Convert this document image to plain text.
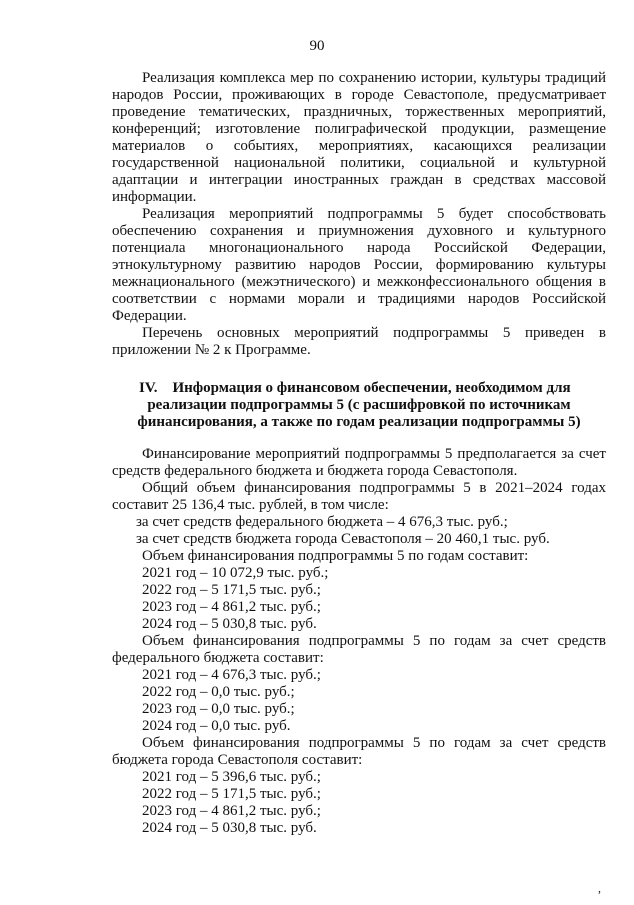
90

Реализация комплекса мер по сохранению истории, культуры традиций народов России, проживающих в городе Севастополе, предусматривает проведение тематических, праздничных, торжественных мероприятий, конференций; изготовление полиграфической продукции, размещение материалов о событиях, мероприятиях, касающихся реализации государственной национальной политики, социальной и культурной адаптации и интеграции иностранных граждан в средствах массовой информации.

Реализация мероприятий подпрограммы 5 будет способствовать обеспечению сохранения и приумножения духовного и культурного потенциала многонационального народа Российской Федерации, этнокультурному развитию народов России, формированию культуры межнационального (межэтнического) и межконфессионального общения в соответствии с нормами морали и традициями народов Российской Федерации.

Перечень основных мероприятий подпрограммы 5 приведен в приложении № 2 к Программе.

IV.    Информация о финансовом обеспечении, необходимом для
реализации подпрограммы 5 (с расшифровкой по источникам
финансирования, а также по годам реализации подпрограммы 5)

Финансирование мероприятий подпрограммы 5 предполагается за счет средств федерального бюджета и бюджета города Севастополя.

Общий объем финансирования подпрограммы 5 в 2021–2024 годах составит 25 136,4 тыс. рублей, в том числе:

за счет средств федерального бюджета – 4 676,3 тыс. руб.;

за счет средств бюджета города Севастополя – 20 460,1 тыс. руб.

Объем финансирования подпрограммы 5 по годам составит:

2021 год – 10 072,9 тыс. руб.;

2022 год – 5 171,5 тыс. руб.;

2023 год – 4 861,2 тыс. руб.;

2024 год – 5 030,8 тыс. руб.

Объем финансирования подпрограммы 5 по годам за счет средств

федерального бюджета составит:

2021 год – 4 676,3 тыс. руб.;

2022 год – 0,0 тыс. руб.;

2023 год – 0,0 тыс. руб.;

2024 год – 0,0 тыс. руб.

Объем финансирования подпрограммы 5 по годам за счет средств

бюджета города Севастополя составит:

2021 год – 5 396,6 тыс. руб.;

2022 год – 5 171,5 тыс. руб.;

2023 год – 4 861,2 тыс. руб.;

2024 год – 5 030,8 тыс. руб.

,
